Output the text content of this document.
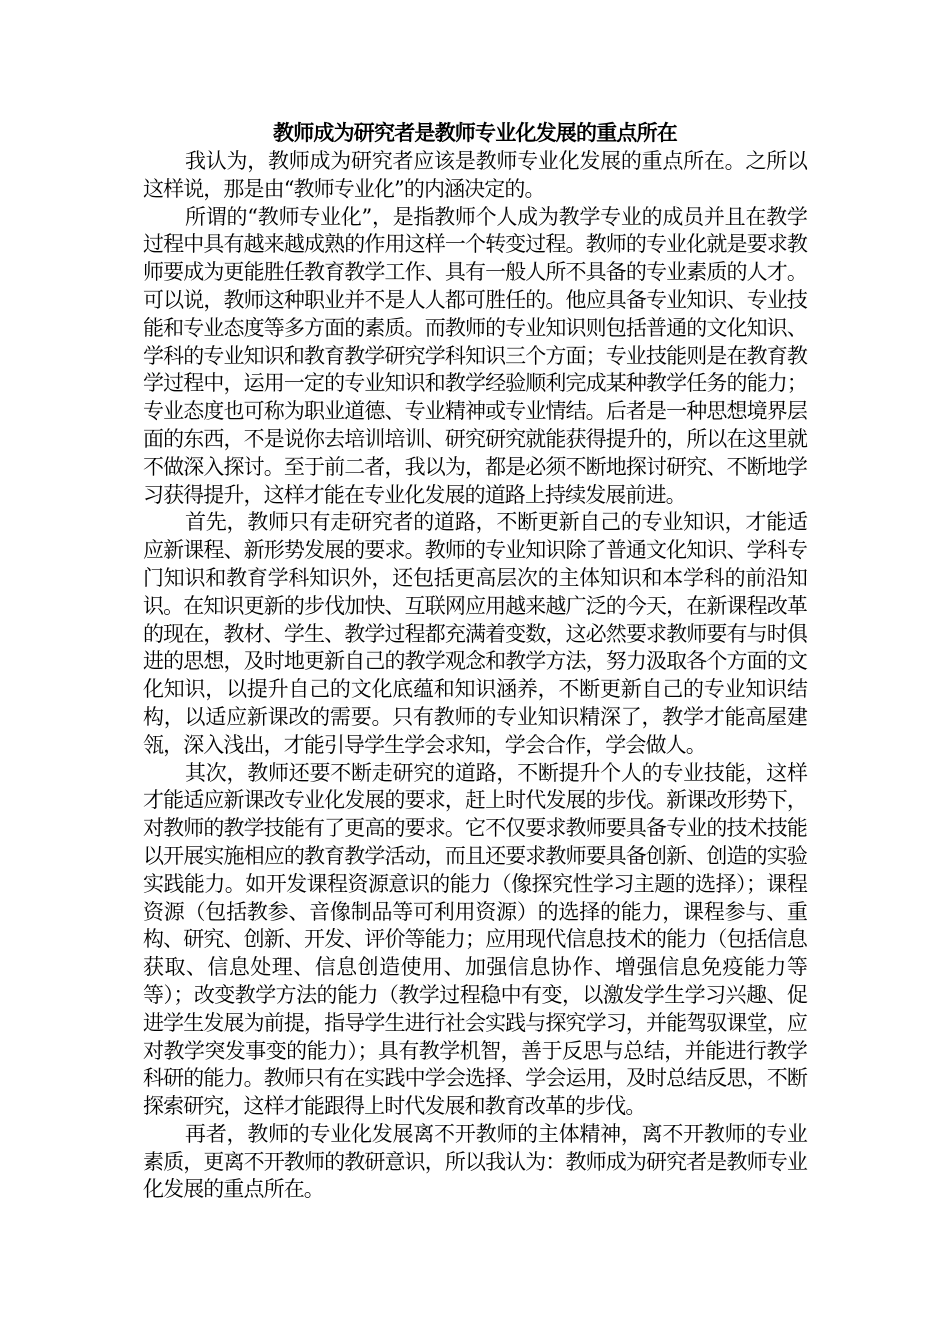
教师成为研究者是教师专业化发展的重点所在

我认为，教师成为研究者应该是教师专业化发展的重点所在。之所以这样说，那是由“教师专业化”的内涵决定的。

所谓的“教师专业化”，是指教师个人成为教学专业的成员并且在教学过程中具有越来越成熟的作用这样一个转变过程。教师的专业化就是要求教师要成为更能胜任教育教学工作、具有一般人所不具备的专业素质的人才。可以说，教师这种职业并不是人人都可胜任的。他应具备专业知识、专业技能和专业态度等多方面的素质。而教师的专业知识则包括普通的文化知识、学科的专业知识和教育教学研究学科知识三个方面；专业技能则是在教育教学过程中，运用一定的专业知识和教学经验顺利完成某种教学任务的能力；专业态度也可称为职业道德、专业精神或专业情结。后者是一种思想境界层面的东西，不是说你去培训培训、研究研究就能获得提升的，所以在这里就不做深入探讨。至于前二者，我以为，都是必须不断地探讨研究、不断地学习获得提升，这样才能在专业化发展的道路上持续发展前进。

首先，教师只有走研究者的道路，不断更新自己的专业知识，才能适应新课程、新形势发展的要求。教师的专业知识除了普通文化知识、学科专门知识和教育学科知识外，还包括更高层次的主体知识和本学科的前沿知识。在知识更新的步伐加快、互联网应用越来越广泛的今天，在新课程改革的现在，教材、学生、教学过程都充满着变数，这必然要求教师要有与时俱进的思想，及时地更新自己的教学观念和教学方法，努力汲取各个方面的文化知识，以提升自己的文化底蕴和知识涵养，不断更新自己的专业知识结构，以适应新课改的需要。只有教师的专业知识精深了，教学才能高屋建瓴，深入浅出，才能引导学生学会求知，学会合作，学会做人。

其次，教师还要不断走研究的道路，不断提升个人的专业技能，这样才能适应新课改专业化发展的要求，赶上时代发展的步伐。新课改形势下，对教师的教学技能有了更高的要求。它不仅要求教师要具备专业的技术技能以开展实施相应的教育教学活动，而且还要求教师要具备创新、创造的实验实践能力。如开发课程资源意识的能力（像探究性学习主题的选择）；课程资源（包括教参、音像制品等可利用资源）的选择的能力，课程参与、重构、研究、创新、开发、评价等能力；应用现代信息技术的能力（包括信息获取、信息处理、信息创造使用、加强信息协作、增强信息免疫能力等等）；改变教学方法的能力（教学过程稳中有变，以激发学生学习兴趣、促进学生发展为前提，指导学生进行社会实践与探究学习，并能驾驭课堂，应对教学突发事变的能力）；具有教学机智，善于反思与总结，并能进行教学科研的能力。教师只有在实践中学会选择、学会运用，及时总结反思，不断探索研究，这样才能跟得上时代发展和教育改革的步伐。

再者，教师的专业化发展离不开教师的主体精神，离不开教师的专业素质，更离不开教师的教研意识，所以我认为：教师成为研究者是教师专业化发展的重点所在。
